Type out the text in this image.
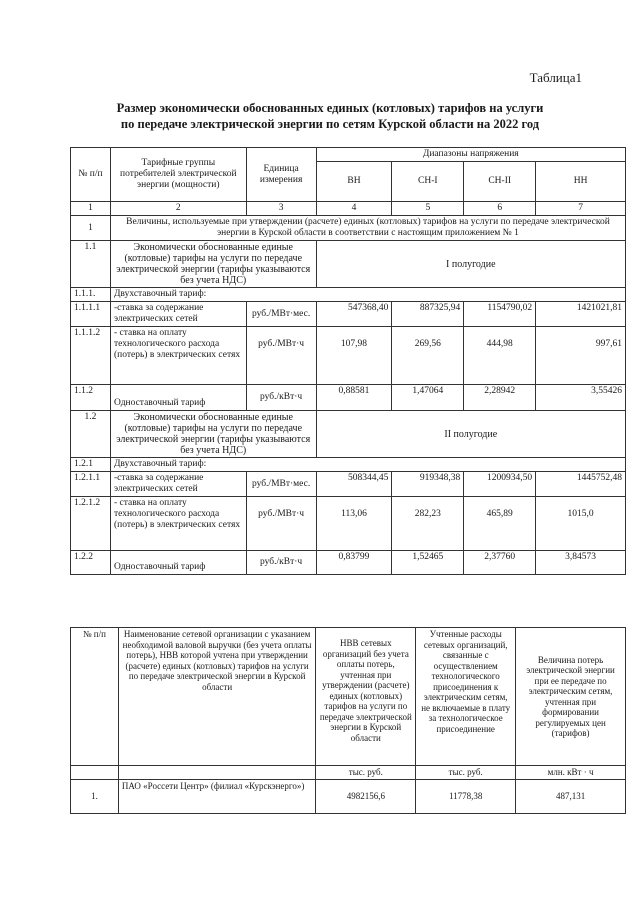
Таблица1
Размер экономически обоснованных единых (котловых) тарифов на услуги
по передаче электрической энергии по сетям Курской области на 2022 год
№ п/п	Тарифные группы потребителей электрической энергии (мощности)	Единица измерения	Диапазоны напряжения			
			ВН	СН-I	СН-II	НН
1	2	3	4	5	6	7
1	Величины, используемые при утверждении (расчете) единых (котловых) тарифов на услуги по передаче электрической энергии в Курской области в соответствии с настоящим приложением № 1					
1.1	Экономически обоснованные единые (котловые) тарифы на услуги по передаче электрической энергии (тарифы указываются без учета НДС)		I полугодие			
1.1.1.	Двухставочный тариф:					
1.1.1.1	-ставка за содержание электрических сетей	руб./МВт·мес.	547368,40	887325,94	1154790,02	1421021,81
1.1.1.2	- ставка на оплату технологического расхода (потерь) в электрических сетях	руб./МВт·ч	107,98	269,56	444,98	997,61
1.1.2	Одноставочный тариф	руб./кВт·ч	0,88581	1,47064	2,28942	3,55426
1.2	Экономически обоснованные единые (котловые) тарифы на услуги по передаче электрической энергии (тарифы указываются без учета НДС)		II полугодие			
1.2.1	Двухставочный тариф:					
1.2.1.1	-ставка за содержание электрических сетей	руб./МВт·мес.	508344,45	919348,38	1200934,50	1445752,48
1.2.1.2	- ставка на оплату технологического расхода (потерь) в электрических сетях	руб./МВт·ч	113,06	282,23	465,89	1015,0
1.2.2	Одноставочный тариф	руб./кВт·ч	0,83799	1,52465	2,37760	3,84573
№ п/п	Наименование сетевой организации с указанием необходимой валовой выручки (без учета оплаты потерь), НВВ которой учтена при утверждении (расчете) единых (котловых) тарифов на услуги по передаче электрической энергии в Курской области	НВВ сетевых организаций без учета оплаты потерь, учтенная при утверждении (расчете) единых (котловых) тарифов на услуги по передаче электрической энергии в Курской области	Учтенные расходы сетевых организаций, связанные с осуществлением технологического присоединения к электрическим сетям, не включаемые в плату за технологическое присоединение	Величина потерь электрической энергии при ее передаче по электрическим сетям, учтенная при формировании регулируемых цен (тарифов)
		тыс. руб.	тыс. руб.	млн. кВт · ч
1.	ПАО «Россети Центр» (филиал «Курскэнерго»)	4982156,6	11778,38	487,131
